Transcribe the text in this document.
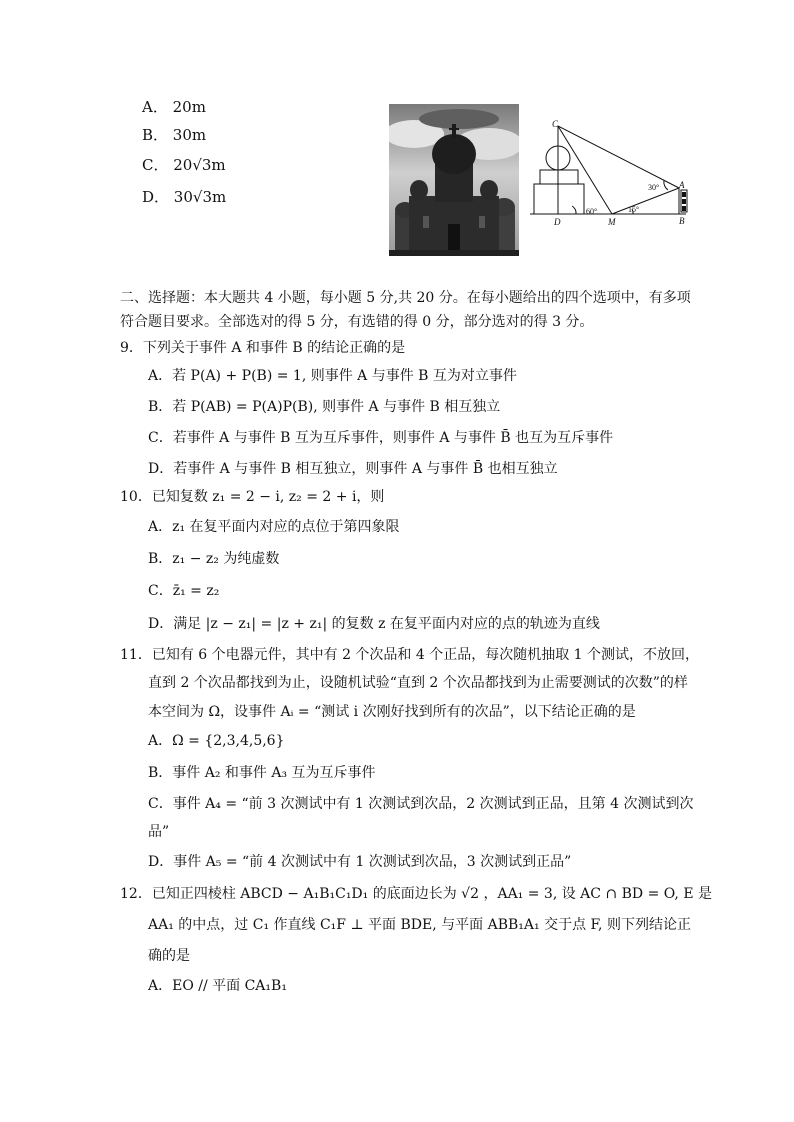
A． 20m
B． 30m
C． 20√3m
D． 30√3m
C
A
B
D	M
30°
60°	15°
二、选择题：本大题共 4 小题，每小题 5 分,共 20 分。在每小题给出的四个选项中，有多项
符合题目要求。全部选对的得 5 分，有选错的得 0 分，部分选对的得 3 分。
9．下列关于事件 A 和事件 B 的结论正确的是
A．若 P(A) + P(B) = 1, 则事件 A 与事件 B 互为对立事件
B．若 P(AB) = P(A)P(B), 则事件 A 与事件 B 相互独立
C．若事件 A 与事件 B 互为互斥事件，则事件 A 与事件 B̄ 也互为互斥事件
D．若事件 A 与事件 B 相互独立，则事件 A 与事件 B̄ 也相互独立
10．已知复数 z₁ = 2 − i, z₂ = 2 + i，则
A．z₁ 在复平面内对应的点位于第四象限
B．z₁ − z₂ 为纯虚数
C．z̄₁ = z₂
D．满足 |z − z₁| = |z + z₁| 的复数 z 在复平面内对应的点的轨迹为直线
11．已知有 6 个电器元件，其中有 2 个次品和 4 个正品，每次随机抽取 1 个测试，不放回，
直到 2 个次品都找到为止，设随机试验“直到 2 个次品都找到为止需要测试的次数”的样
本空间为 Ω，设事件 Aᵢ = “测试 i 次刚好找到所有的次品”，以下结论正确的是
A．Ω = {2,3,4,5,6}
B．事件 A₂ 和事件 A₃ 互为互斥事件
C．事件 A₄ = “前 3 次测试中有 1 次测试到次品，2 次测试到正品，且第 4 次测试到次
品”
D．事件 A₅ = “前 4 次测试中有 1 次测试到次品，3 次测试到正品”
12．已知正四棱柱 ABCD − A₁B₁C₁D₁ 的底面边长为 √2 ，AA₁ = 3, 设 AC ∩ BD = O, E 是
AA₁ 的中点，过 C₁ 作直线 C₁F ⊥ 平面 BDE, 与平面 ABB₁A₁ 交于点 F, 则下列结论正
确的是
A．EO // 平面 CA₁B₁
